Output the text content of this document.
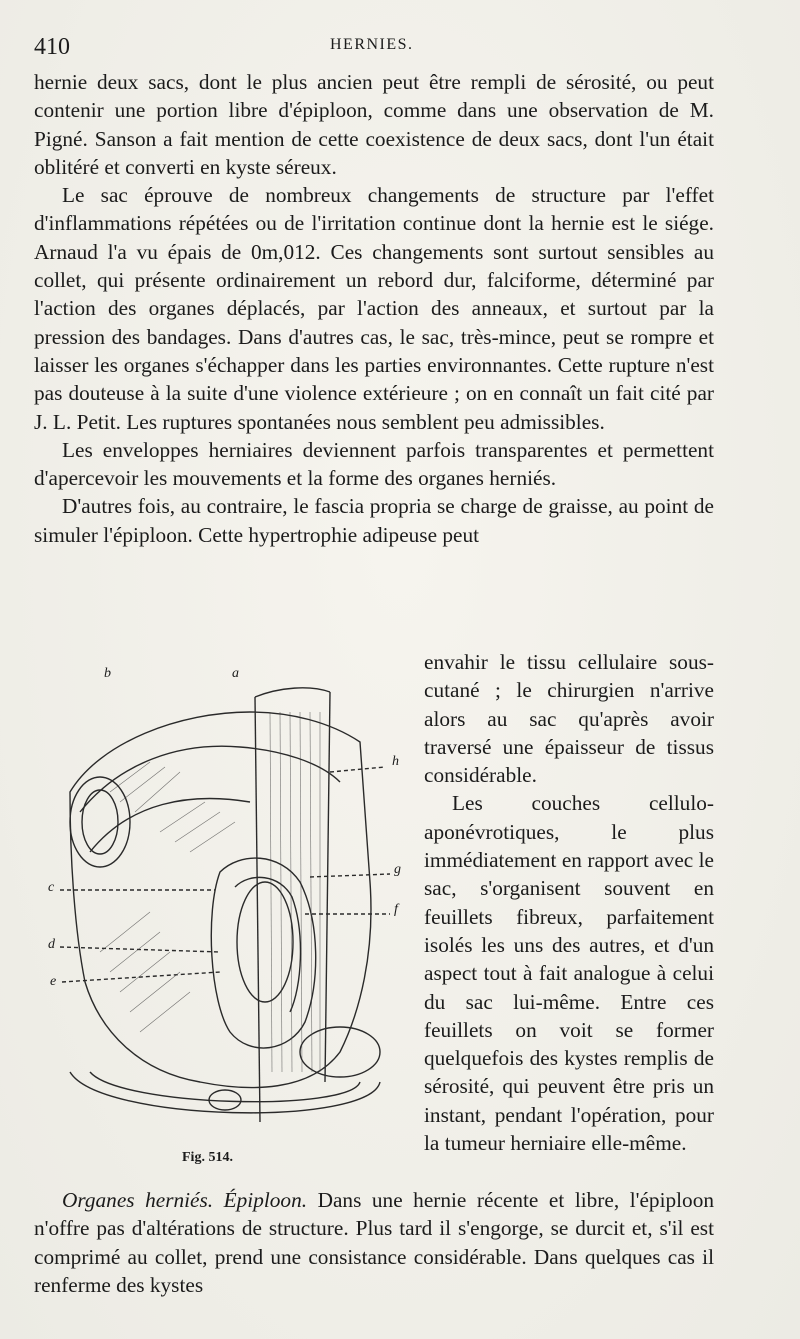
410	HERNIES.

hernie deux sacs, dont le plus ancien peut être rempli de sérosité, ou peut contenir une portion libre d'épiploon, comme dans une observation de M. Pigné. Sanson a fait mention de cette coexistence de deux sacs, dont l'un était oblitéré et converti en kyste séreux.

Le sac éprouve de nombreux changements de structure par l'effet d'inflammations répétées ou de l'irritation continue dont la hernie est le siége. Arnaud l'a vu épais de 0m,012. Ces changements sont surtout sensibles au collet, qui présente ordinairement un rebord dur, falciforme, déterminé par l'action des organes déplacés, par l'action des anneaux, et surtout par la pression des bandages. Dans d'autres cas, le sac, très-mince, peut se rompre et laisser les organes s'échapper dans les parties environnantes. Cette rupture n'est pas douteuse à la suite d'une violence extérieure ; on en connaît un fait cité par J. L. Petit. Les ruptures spontanées nous semblent peu admissibles.

Les enveloppes herniaires deviennent parfois transparentes et permettent d'apercevoir les mouvements et la forme des organes herniés.

D'autres fois, au contraire, le fascia propria se charge de graisse, au point de simuler l'épiploon. Cette hypertrophie adipeuse peut

b	a
h
g
f
c
d
e
Fig. 514.

envahir le tissu cellulaire sous-cutané ; le chirurgien n'arrive alors au sac qu'après avoir traversé une épaisseur de tissus considérable.

Les couches cellulo-aponévrotiques, le plus immédiatement en rapport avec le sac, s'organisent souvent en feuillets fibreux, parfaitement isolés les uns des autres, et d'un aspect tout à fait analogue à celui du sac lui-même. Entre ces feuillets on voit se former quelquefois des kystes remplis de sérosité, qui peuvent être pris un instant, pendant l'opération, pour la tumeur herniaire elle-même.

Organes herniés. Épiploon. Dans une hernie récente et libre, l'épiploon n'offre pas d'altérations de structure. Plus tard il s'engorge, se durcit et, s'il est comprimé au collet, prend une consistance considérable. Dans quelques cas il renferme des kystes
